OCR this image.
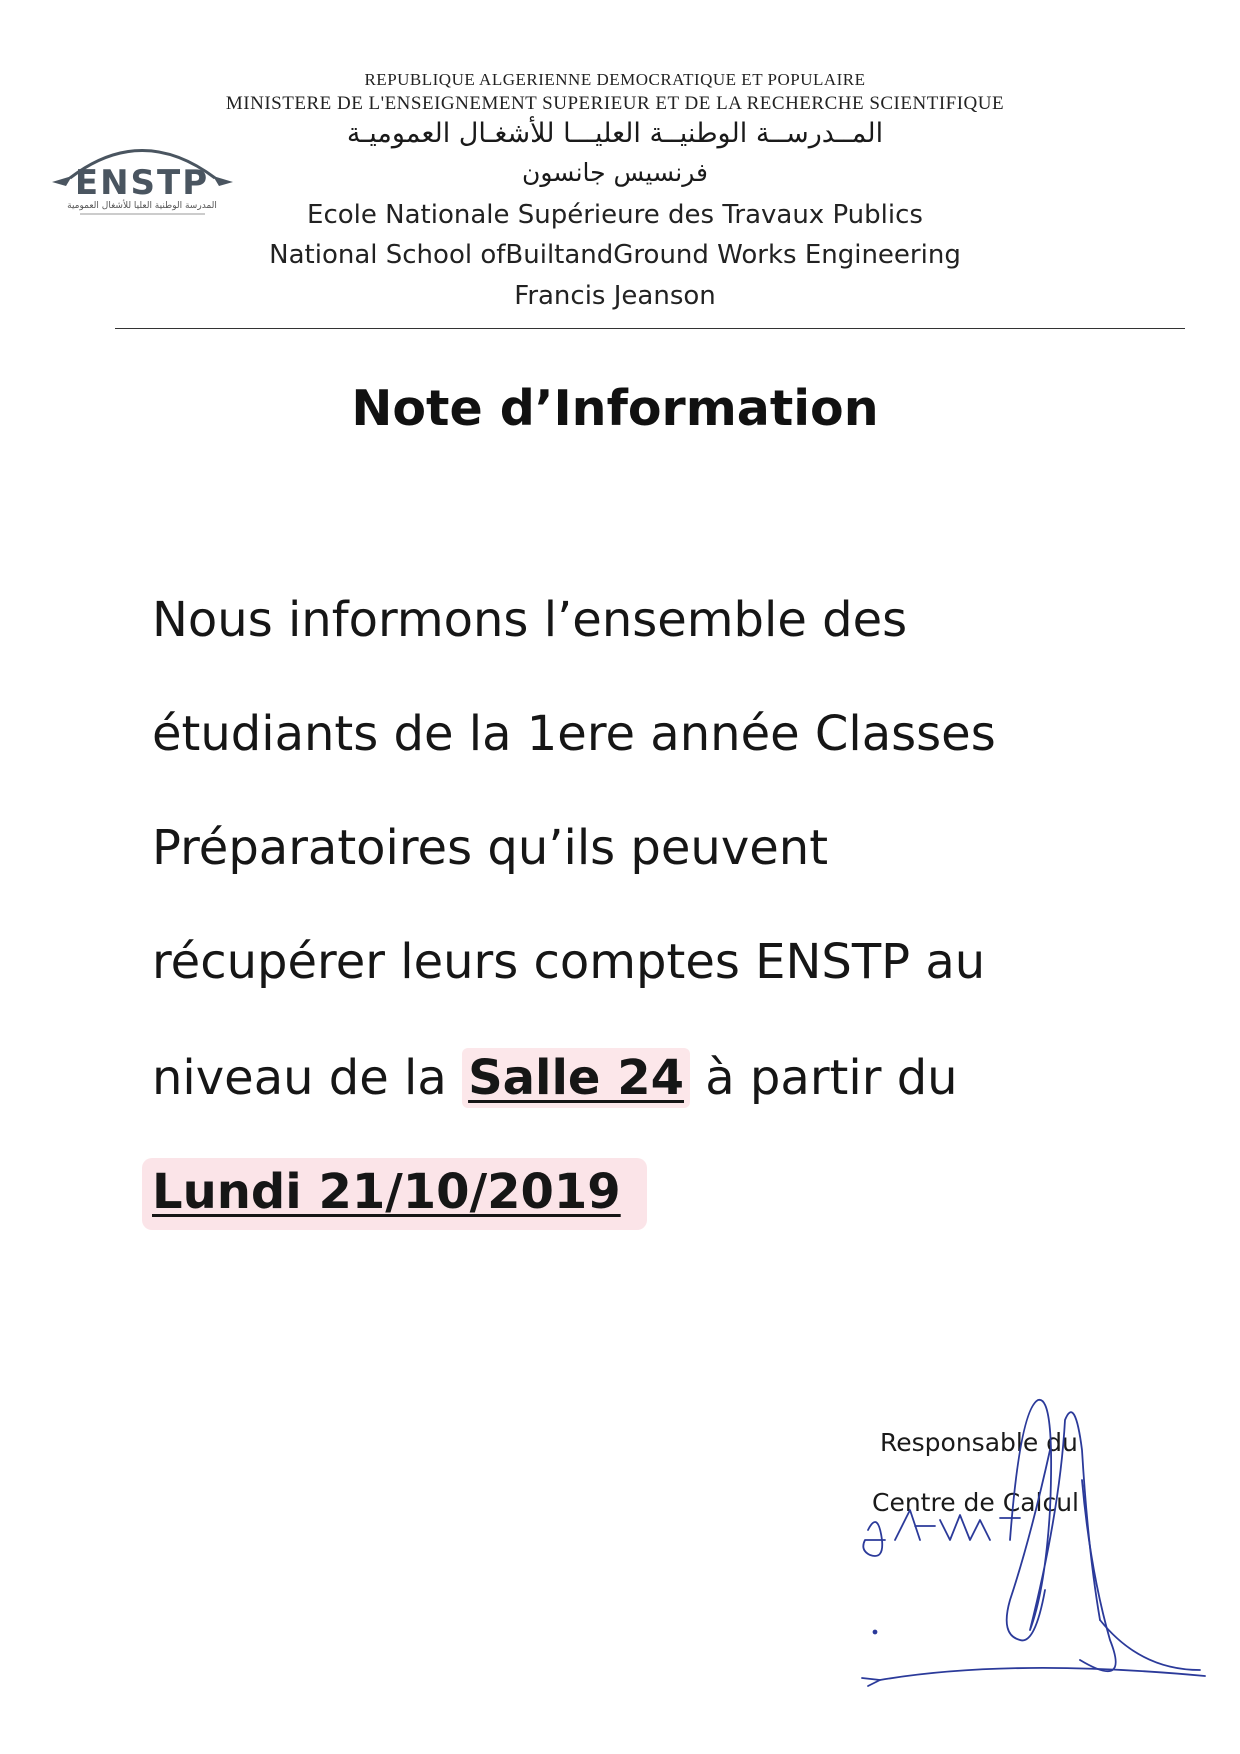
ENSTP
المدرسة الوطنية العليا للأشغال العمومية
REPUBLIQUE ALGERIENNE DEMOCRATIQUE ET POPULAIRE
MINISTERE DE L'ENSEIGNEMENT SUPERIEUR ET DE LA RECHERCHE SCIENTIFIQUE
المــدرســة الوطنيــة العليـــا للأشغـال العموميـة
فرنسيس جانسون
Ecole Nationale Supérieure des Travaux Publics
National School ofBuiltandGround Works Engineering
Francis Jeanson
Note d’Information
Nous informons l’ensemble des
étudiants de la 1ere année Classes
Préparatoires qu’ils peuvent
récupérer leurs comptes ENSTP au
niveau de la Salle 24 à partir du
Lundi 21/10/2019
Responsable du
Centre de Calcul
